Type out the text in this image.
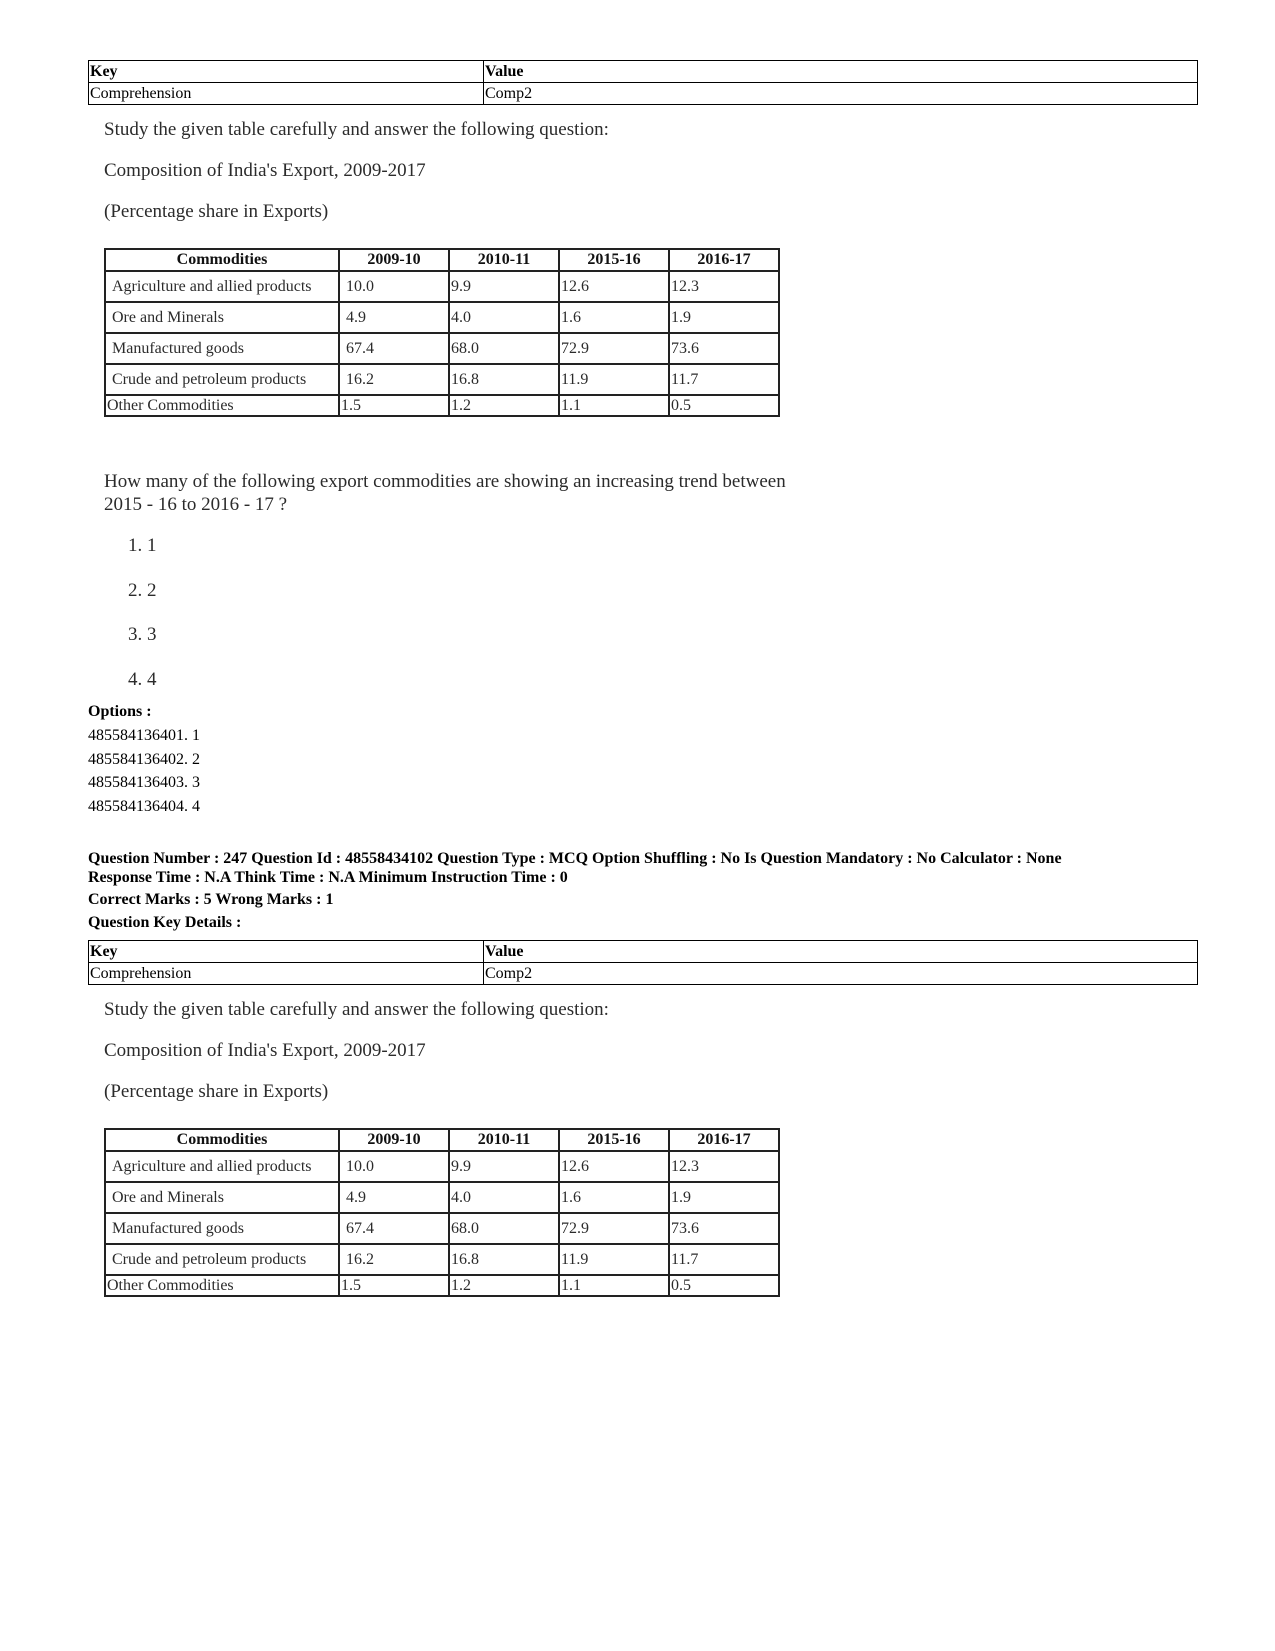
Key	Value
Comprehension	Comp2
Study the given table carefully and answer the following question:
Composition of India's Export, 2009-2017
(Percentage share in Exports)
Commodities	2009-10	2010-11	2015-16	2016-17
Agriculture and allied products	10.0	9.9	12.6	12.3
Ore and Minerals	4.9	4.0	1.6	1.9
Manufactured goods	67.4	68.0	72.9	73.6
Crude and petroleum products	16.2	16.8	11.9	11.7
Other Commodities	1.5	1.2	1.1	0.5
How many of the following export commodities are showing an increasing trend between 2015 - 16 to 2016 - 17 ?
1. 1
2. 2
3. 3
4. 4
Options :
485584136401. 1
485584136402. 2
485584136403. 3
485584136404. 4
Question Number : 247 Question Id : 48558434102 Question Type : MCQ Option Shuffling : No Is Question Mandatory : No Calculator : None
Response Time : N.A Think Time : N.A Minimum Instruction Time : 0
Correct Marks : 5 Wrong Marks : 1
Question Key Details :
Key	Value
Comprehension	Comp2
Study the given table carefully and answer the following question:
Composition of India's Export, 2009-2017
(Percentage share in Exports)
Commodities	2009-10	2010-11	2015-16	2016-17
Agriculture and allied products	10.0	9.9	12.6	12.3
Ore and Minerals	4.9	4.0	1.6	1.9
Manufactured goods	67.4	68.0	72.9	73.6
Crude and petroleum products	16.2	16.8	11.9	11.7
Other Commodities	1.5	1.2	1.1	0.5
